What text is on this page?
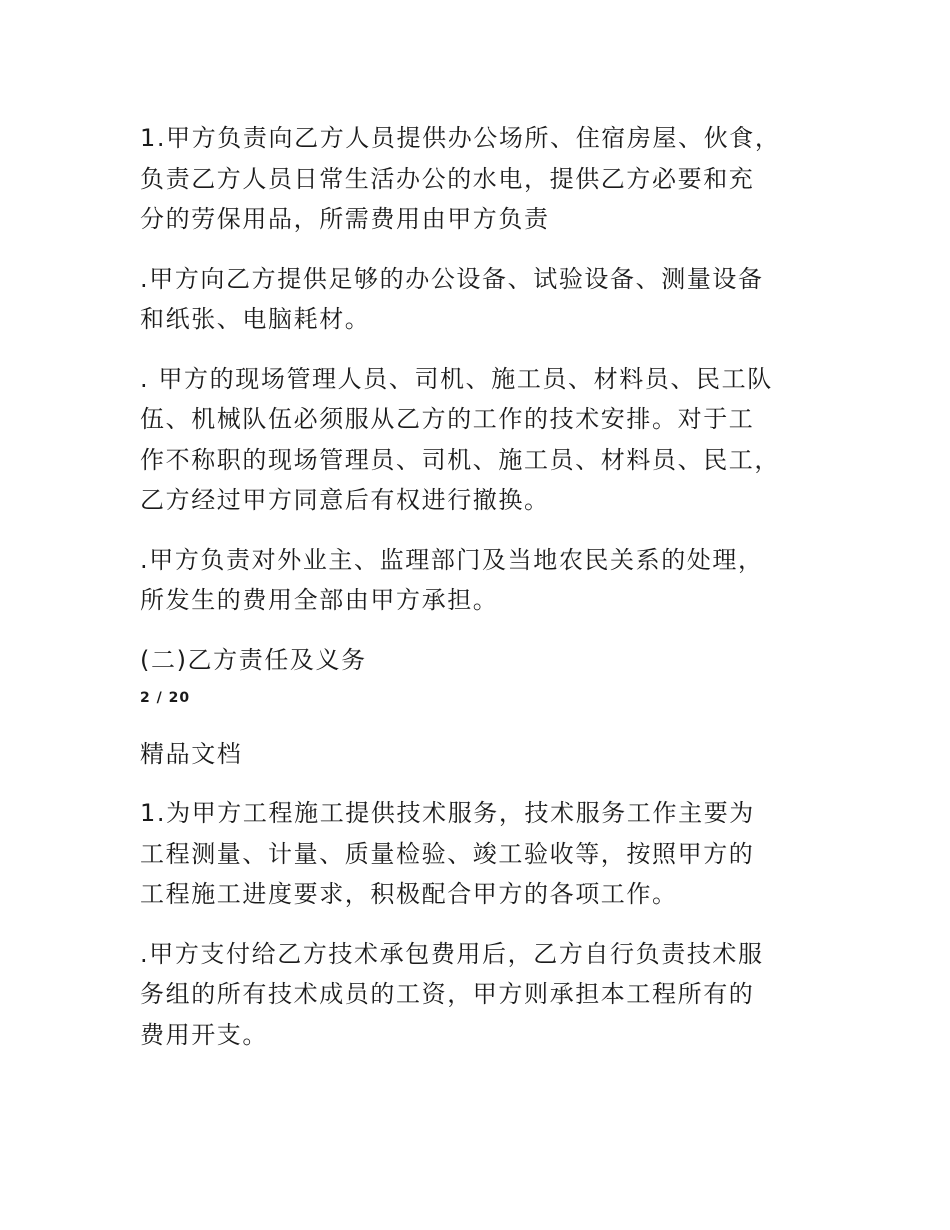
1.甲方负责向乙方人员提供办公场所、住宿房屋、伙食，
负责乙方人员日常生活办公的水电，提供乙方必要和充
分的劳保用品，所需费用由甲方负责
.甲方向乙方提供足够的办公设备、试验设备、测量设备
和纸张、电脑耗材。
. 甲方的现场管理人员、司机、施工员、材料员、民工队
伍、机械队伍必须服从乙方的工作的技术安排。对于工
作不称职的现场管理员、司机、施工员、材料员、民工，
乙方经过甲方同意后有权进行撤换。
.甲方负责对外业主、监理部门及当地农民关系的处理，
所发生的费用全部由甲方承担。
(二)乙方责任及义务
2 / 20
精品文档
1.为甲方工程施工提供技术服务，技术服务工作主要为
工程测量、计量、质量检验、竣工验收等，按照甲方的
工程施工进度要求，积极配合甲方的各项工作。
.甲方支付给乙方技术承包费用后，乙方自行负责技术服
务组的所有技术成员的工资，甲方则承担本工程所有的
费用开支。
